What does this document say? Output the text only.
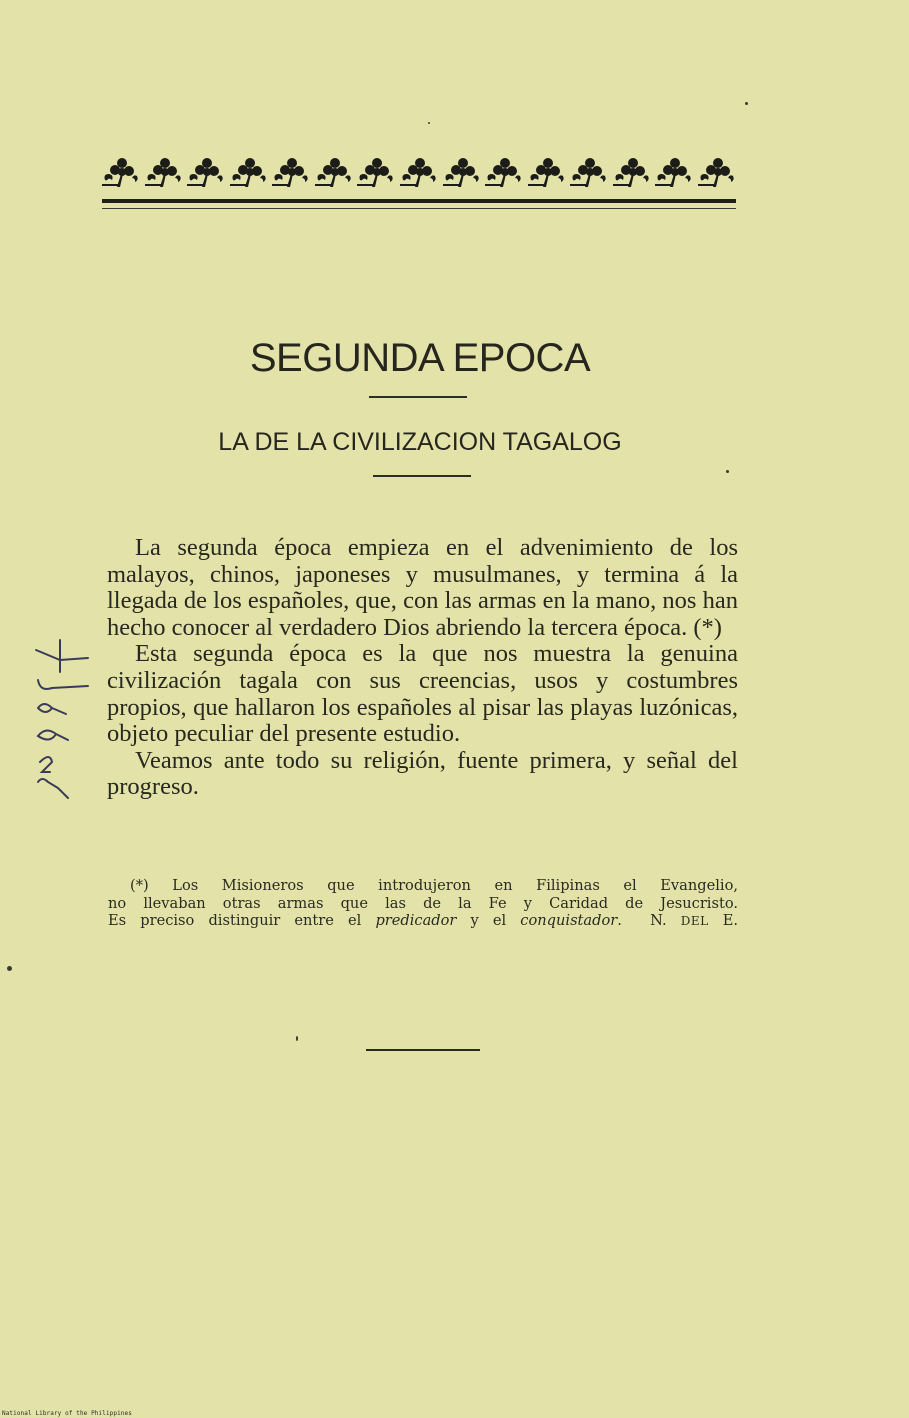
SEGUNDA EPOCA
LA DE LA CIVILIZACION TAGALOG

La segunda época empieza en el advenimiento de los malayos, chinos, japoneses y musulmanes, y termina á la llegada de los españoles, que, con las armas en la mano, nos han hecho conocer al verdadero Dios abriendo la tercera época. (*)

Esta segunda época es la que nos muestra la genuina civilización tagala con sus creencias, usos y costumbres propios, que hallaron los españoles al pisar las playas luzónicas, objeto peculiar del presente estudio.

Veamos ante todo su religión, fuente primera, y señal del progreso.

(*) Los Misioneros que introdujeron en Filipinas el Evangelio,
no llevaban otras armas que las de la Fe y Caridad de Jesucristo.
Es preciso distinguir entre el predicador y el conquistador.  N. DEL E.
National Library of the Philippines
